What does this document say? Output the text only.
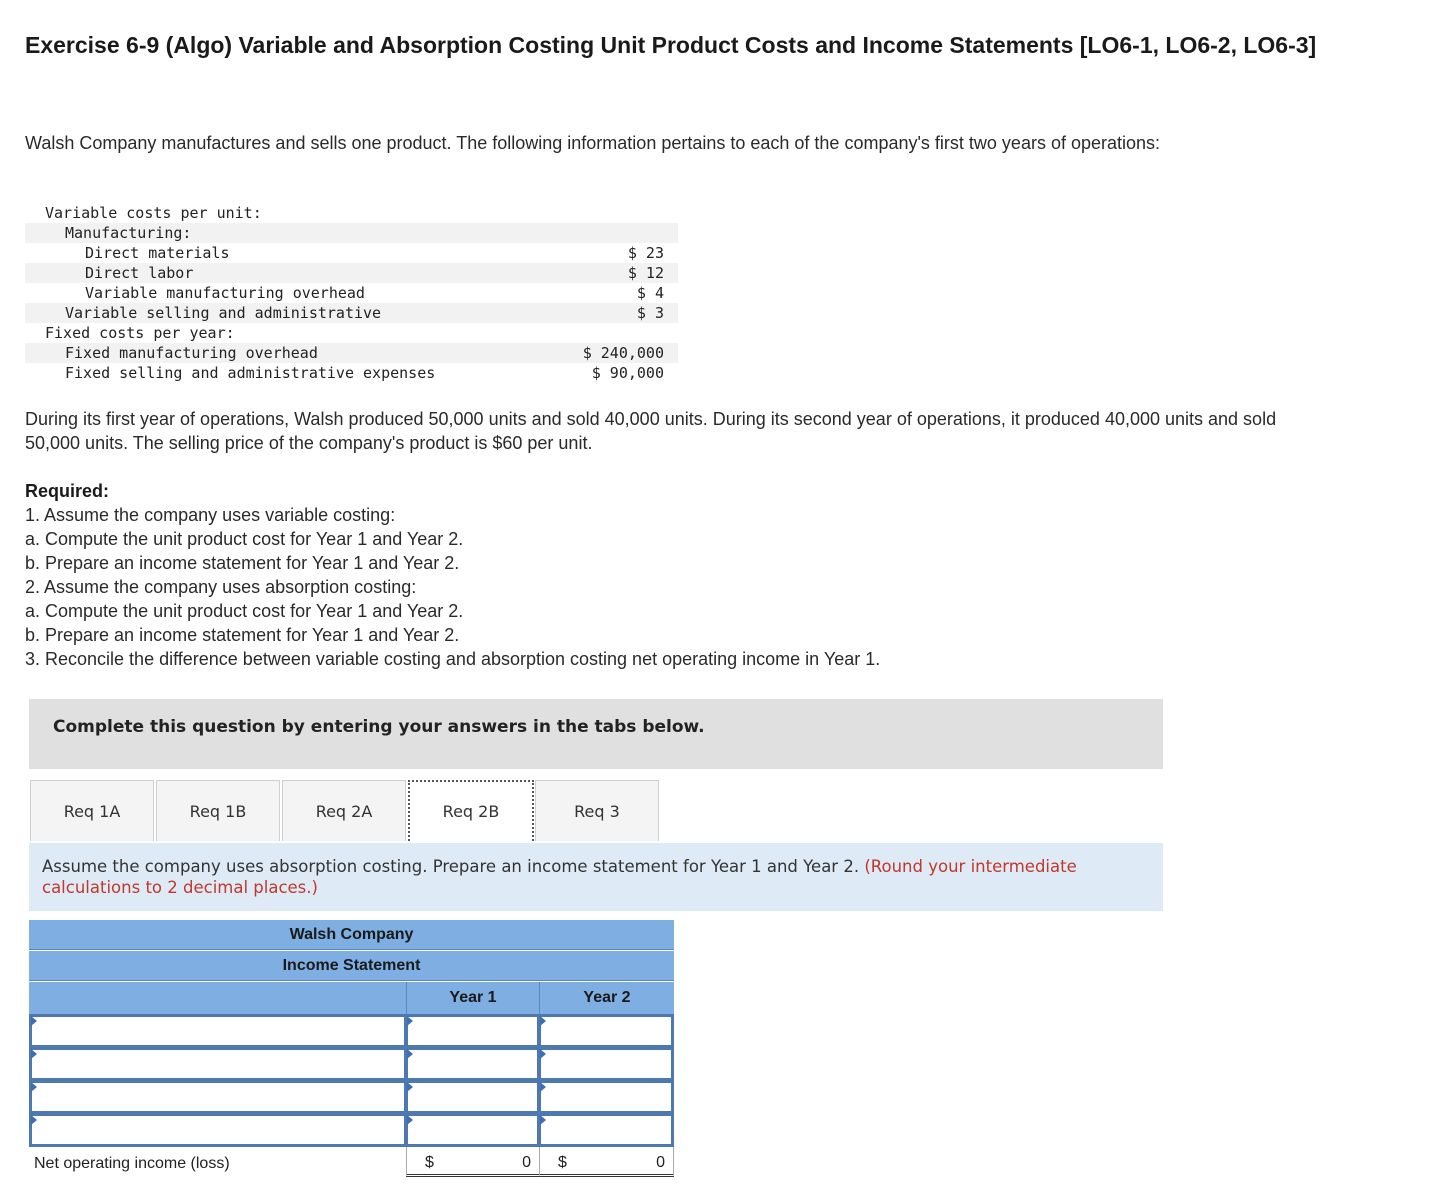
Exercise 6-9 (Algo) Variable and Absorption Costing Unit Product Costs and Income Statements [LO6-1, LO6-2, LO6-3]
Walsh Company manufactures and sells one product. The following information pertains to each of the company's first two years of operations:
Variable costs per unit:
Manufacturing:
Direct materials	$ 23
Direct labor	$ 12
Variable manufacturing overhead	$ 4
Variable selling and administrative	$ 3
Fixed costs per year:
Fixed manufacturing overhead	$ 240,000
Fixed selling and administrative expenses	$ 90,000
During its first year of operations, Walsh produced 50,000 units and sold 40,000 units. During its second year of operations, it produced 40,000 units and sold 50,000 units. The selling price of the company's product is $60 per unit.
Required:
1. Assume the company uses variable costing:
a. Compute the unit product cost for Year 1 and Year 2.
b. Prepare an income statement for Year 1 and Year 2.
2. Assume the company uses absorption costing:
a. Compute the unit product cost for Year 1 and Year 2.
b. Prepare an income statement for Year 1 and Year 2.
3. Reconcile the difference between variable costing and absorption costing net operating income in Year 1.
Complete this question by entering your answers in the tabs below.
Req 1A	Req 1B	Req 2A	Req 2B	Req 3
Assume the company uses absorption costing. Prepare an income statement for Year 1 and Year 2. (Round your intermediate calculations to 2 decimal places.)
Walsh Company
Income Statement
Year 1	Year 2
Net operating income (loss)	$	0 $	0
